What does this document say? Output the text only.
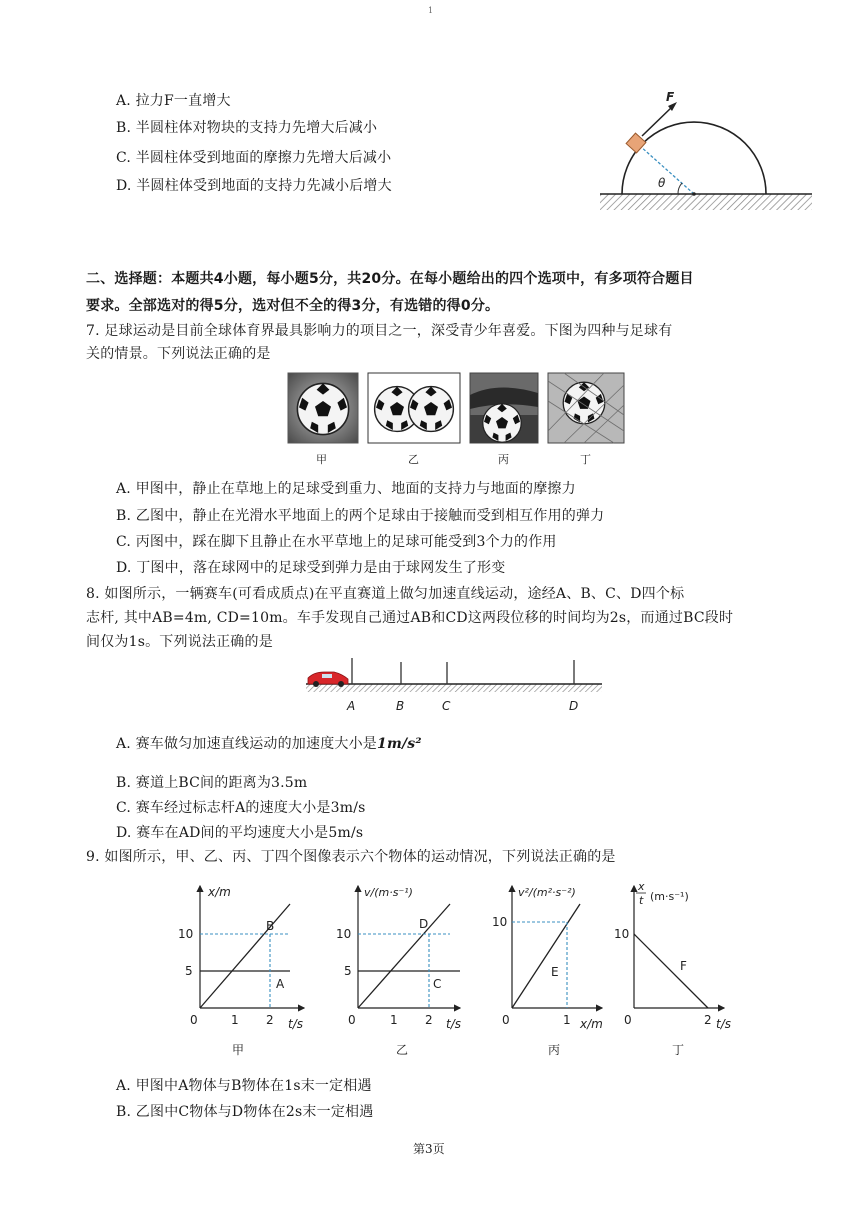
1
A. 拉力F一直增大
B. 半圆柱体对物块的支持力先增大后减小
C. 半圆柱体受到地面的摩擦力先增大后减小
D. 半圆柱体受到地面的支持力先减小后增大	θ
F
二、选择题：本题共4小题，每小题5分，共20分。在每小题给出的四个选项中，有多项符合题目
要求。全部选对的得5分，选对但不全的得3分，有选错的得0分。
7. 足球运动是目前全球体育界最具影响力的项目之一，深受青少年喜爱。下图为四种与足球有
关的情景。下列说法正确的是
甲	乙	丙	丁
A. 甲图中，静止在草地上的足球受到重力、地面的支持力与地面的摩擦力
B. 乙图中，静止在光滑水平地面上的两个足球由于接触而受到相互作用的弹力
C. 丙图中，踩在脚下且静止在水平草地上的足球可能受到3个力的作用
D. 丁图中，落在球网中的足球受到弹力是由于球网发生了形变
8. 如图所示，一辆赛车(可看成质点)在平直赛道上做匀加速直线运动，途经A、B、C、D四个标
志杆, 其中AB=4m, CD=10m。车手发现自己通过AB和CD这两段位移的时间均为2s，而通过BC段时
间仅为1s。下列说法正确的是
A	B	C	D
A. 赛车做匀加速直线运动的加速度大小是1m/s²
B. 赛道上BC间的距离为3.5m
C. 赛车经过标志杆A的速度大小是3m/s
D. 赛车在AD间的平均速度大小是5m/s
9. 如图所示，甲、乙、丙、丁四个图像表示六个物体的运动情况，下列说法正确的是
x/m
10
5
0	1 2 t/s
B
A
甲
v/(m·s⁻¹)
10
5
0	1 2 t/s
D
C
乙
v²/(m²·s⁻²)
10
0	1 x/m
E
丙
x
t (m·s⁻¹)
10
0	2 t/s
F
丁
A. 甲图中A物体与B物体在1s末一定相遇
B. 乙图中C物体与D物体在2s末一定相遇
第3页
